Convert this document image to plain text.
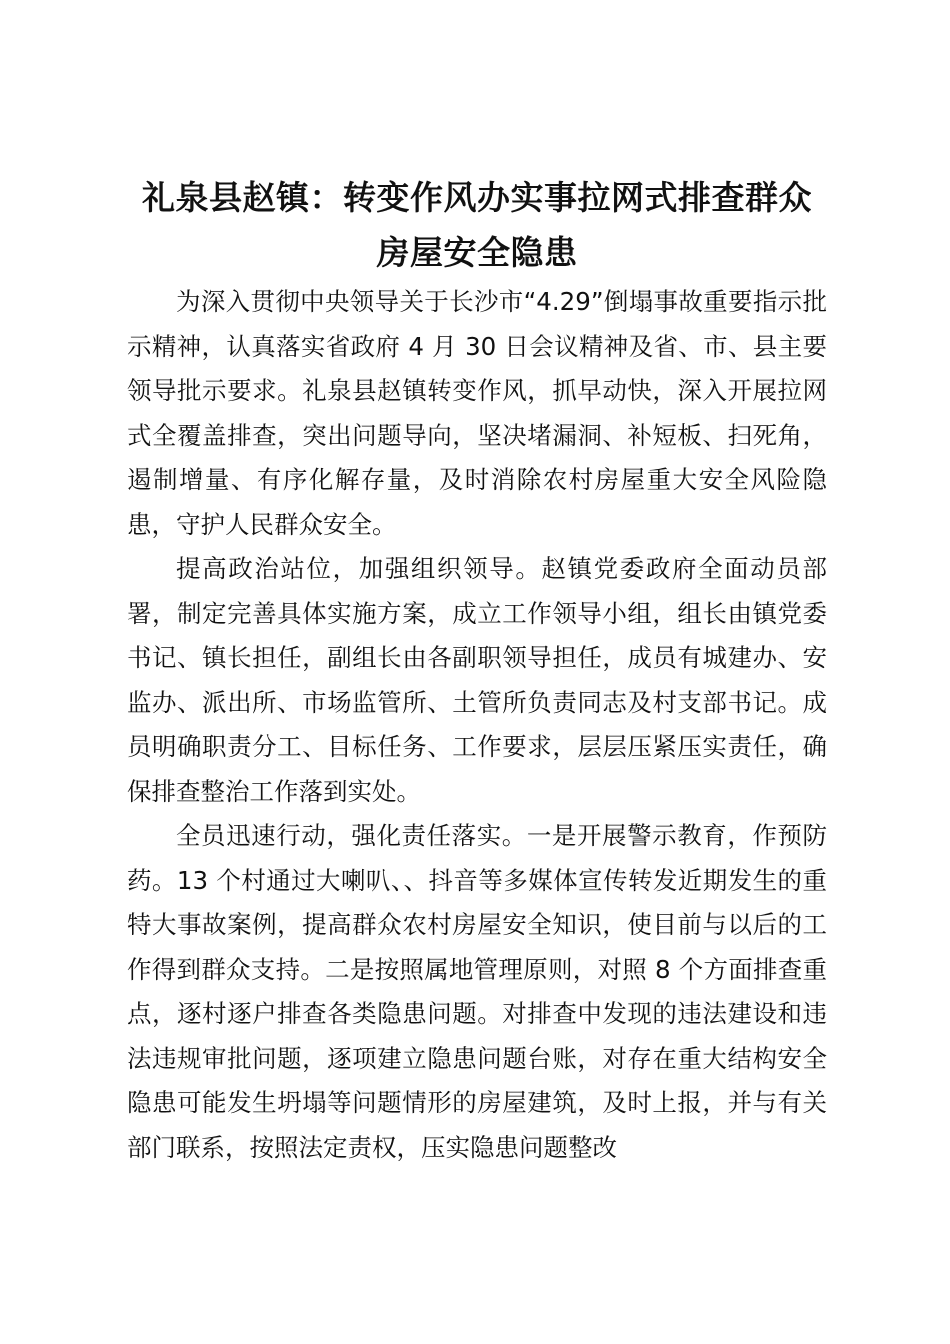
礼泉县赵镇：转变作风办实事拉网式排查群众
房屋安全隐患

为深入贯彻中央领导关于长沙市“4.29”倒塌事故重要指示批示精神，认真落实省政府 4 月 30 日会议精神及省、市、县主要领导批示要求。礼泉县赵镇转变作风，抓早动快，深入开展拉网式全覆盖排查，突出问题导向，坚决堵漏洞、补短板、扫死角，遏制增量、有序化解存量，及时消除农村房屋重大安全风险隐患，守护人民群众安全。

提高政治站位，加强组织领导。赵镇党委政府全面动员部署，制定完善具体实施方案，成立工作领导小组，组长由镇党委书记、镇长担任，副组长由各副职领导担任，成员有城建办、安监办、派出所、市场监管所、土管所负责同志及村支部书记。成员明确职责分工、目标任务、工作要求，层层压紧压实责任，确保排查整治工作落到实处。

全员迅速行动，强化责任落实。一是开展警示教育，作预防药。13 个村通过大喇叭、、抖音等多媒体宣传转发近期发生的重特大事故案例，提高群众农村房屋安全知识，使目前与以后的工作得到群众支持。二是按照属地管理原则，对照 8 个方面排查重点，逐村逐户排查各类隐患问题。对排查中发现的违法建设和违法违规审批问题，逐项建立隐患问题台账，对存在重大结构安全隐患可能发生坍塌等问题情形的房屋建筑，及时上报，并与有关部门联系，按照法定责权，压实隐患问题整改
